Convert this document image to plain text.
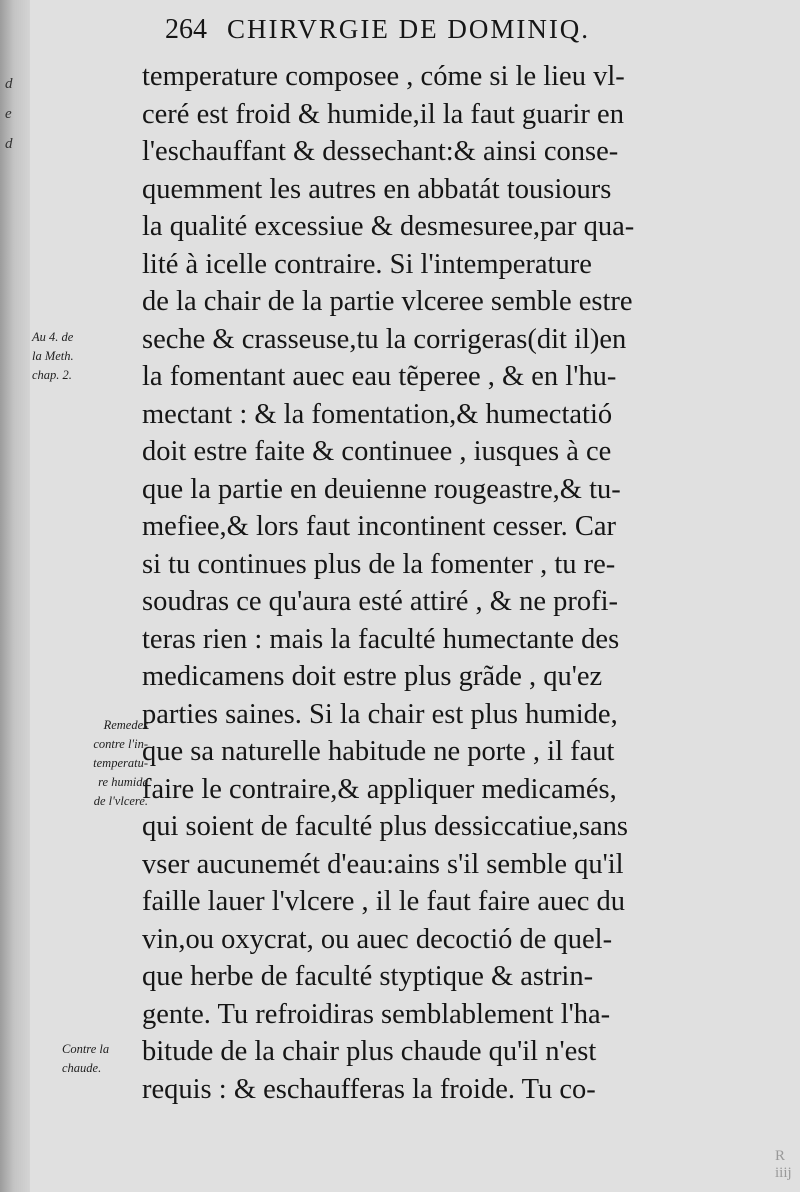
d
e
d
264 CHIRVRGIE DE DOMINIQ.
temperature composee , cóme si le lieu vl-
ceré est froid & humide,il la faut guarir en
l'eschauffant & dessechant:& ainsi conse-
quemment les autres en abbatát tousiours
la qualité excessiue & desmesuree,par qua-
lité à icelle contraire. Si l'intemperature
de la chair de la partie vlceree semble estre
seche & crasseuse,tu la corrigeras(dit il)en
la fomentant auec eau tẽperee , & en l'hu-
mectant : & la fomentation,& humectatió
doit estre faite & continuee , iusques à ce
que la partie en deuienne rougeastre,& tu-
mefiee,& lors faut incontinent cesser. Car
si tu continues plus de la fomenter , tu re-
soudras ce qu'aura esté attiré , & ne profi-
teras rien : mais la faculté humectante des
medicamens doit estre plus grãde , qu'ez
parties saines. Si la chair est plus humide,
que sa naturelle habitude ne porte , il faut
faire le contraire,& appliquer medicamés,
qui soient de faculté plus dessiccatiue,sans
vser aucunemét d'eau:ains s'il semble qu'il
faille lauer l'vlcere , il le faut faire auec du
vin,ou oxycrat, ou auec decoctió de quel-
que herbe de faculté styptique & astrin-
gente. Tu refroidiras semblablement l'ha-
bitude de la chair plus chaude qu'il n'est
requis : & eschaufferas la froide. Tu co-
Au 4. de
la Meth.
chap. 2.
Remedes
contre l'in-
temperatu-
re humide
de l'vlcere.
Contre la
chaude.
R iiij
